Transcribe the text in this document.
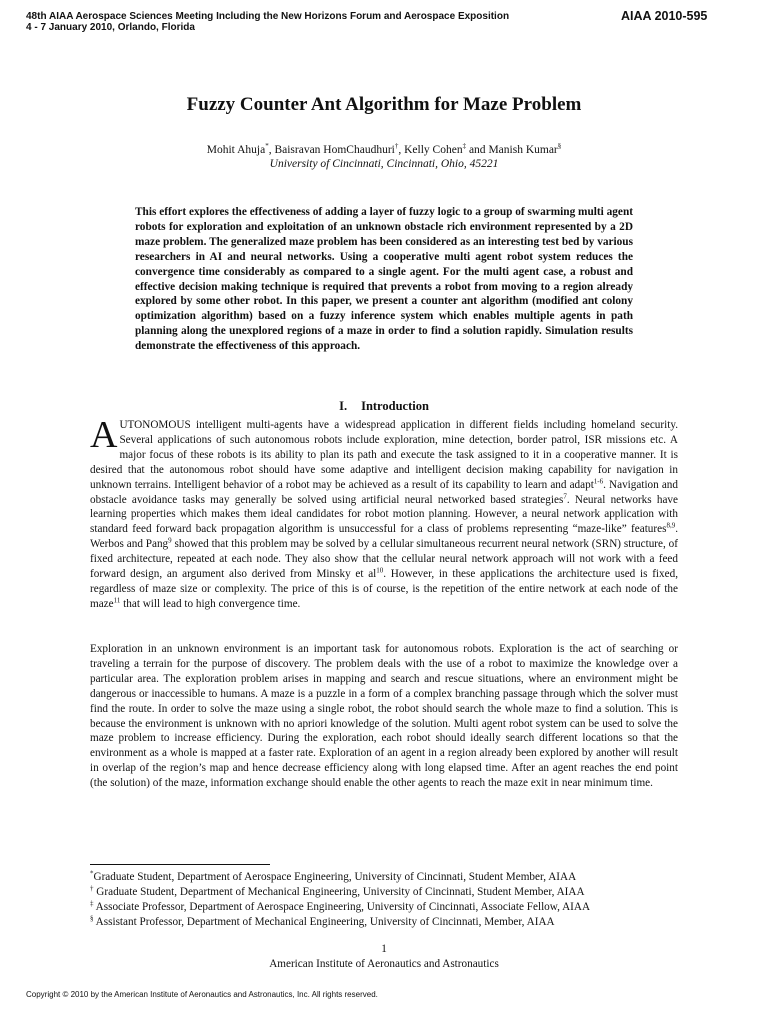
48th AIAA Aerospace Sciences Meeting Including the New Horizons Forum and Aerospace Exposition
4 - 7 January 2010, Orlando, Florida
AIAA 2010-595
Fuzzy Counter Ant Algorithm for Maze Problem
Mohit Ahuja*, Baisravan HomChaudhuri†, Kelly Cohen‡ and Manish Kumar§
University of Cincinnati, Cincinnati, Ohio, 45221
This effort explores the effectiveness of adding a layer of fuzzy logic to a group of swarming multi agent robots for exploration and exploitation of an unknown obstacle rich environment represented by a 2D maze problem. The generalized maze problem has been considered as an interesting test bed by various researchers in AI and neural networks. Using a cooperative multi agent robot system reduces the convergence time considerably as compared to a single agent. For the multi agent case, a robust and effective decision making technique is required that prevents a robot from moving to a region already explored by some other robot. In this paper, we present a counter ant algorithm (modified ant colony optimization algorithm) based on a fuzzy inference system which enables multiple agents in path planning along the unexplored regions of a maze in order to find a solution rapidly. Simulation results demonstrate the effectiveness of this approach.
I. Introduction
AUTONOMOUS intelligent multi-agents have a widespread application in different fields including homeland security. Several applications of such autonomous robots include exploration, mine detection, border patrol, ISR missions etc. A major focus of these robots is its ability to plan its path and execute the task assigned to it in a cooperative manner. It is desired that the autonomous robot should have some adaptive and intelligent decision making capability for navigation in unknown terrains. Intelligent behavior of a robot may be achieved as a result of its capability to learn and adapt$^{1-6}$. Navigation and obstacle avoidance tasks may generally be solved using artificial neural networked based strategies$^7$. Neural networks have learning properties which makes them ideal candidates for robot motion planning. However, a neural network application with standard feed forward back propagation algorithm is unsuccessful for a class of problems representing “maze-like” features$^{8,9}$. Werbos and Pang$^9$ showed that this problem may be solved by a cellular simultaneous recurrent neural network (SRN) structure, of fixed architecture, repeated at each node. They also show that the cellular neural network approach will not work with a feed forward design, an argument also derived from Minsky et $al^{10}$. However, in these applications the architecture used is fixed, regardless of maze size or complexity. The price of this is of course, is the repetition of the entire network at each node of the maze$^{11}$ that will lead to high convergence time.
Exploration in an unknown environment is an important task for autonomous robots. Exploration is the act of searching or traveling a terrain for the purpose of discovery. The problem deals with the use of a robot to maximize the knowledge over a particular area. The exploration problem arises in mapping and search and rescue situations, where an environment might be dangerous or inaccessible to humans. A maze is a puzzle in a form of a complex branching passage through which the solver must find the route. In order to solve the maze using a single robot, the robot should search the whole maze to find a solution. This is because the environment is unknown with no apriori knowledge of the solution. Multi agent robot system can be used to solve the maze problem to increase efficiency. During the exploration, each robot should ideally search different locations so that the environment as a whole is mapped at a faster rate. Exploration of an agent in a region already been explored by another will result in overlap of the region’s map and hence decrease efficiency along with long elapsed time. After an agent reaches the end point (the solution) of the maze, information exchange should enable the other agents to reach the maze exit in near minimum time.
*Graduate Student, Department of Aerospace Engineering, University of Cincinnati, Student Member, AIAA
† Graduate Student, Department of Mechanical Engineering, University of Cincinnati, Student Member, AIAA
‡ Associate Professor, Department of Aerospace Engineering, University of Cincinnati, Associate Fellow, AIAA
§ Assistant Professor, Department of Mechanical Engineering, University of Cincinnati, Member, AIAA
1
American Institute of Aeronautics and Astronautics
Copyright © 2010 by the American Institute of Aeronautics and Astronautics, Inc. All rights reserved.
